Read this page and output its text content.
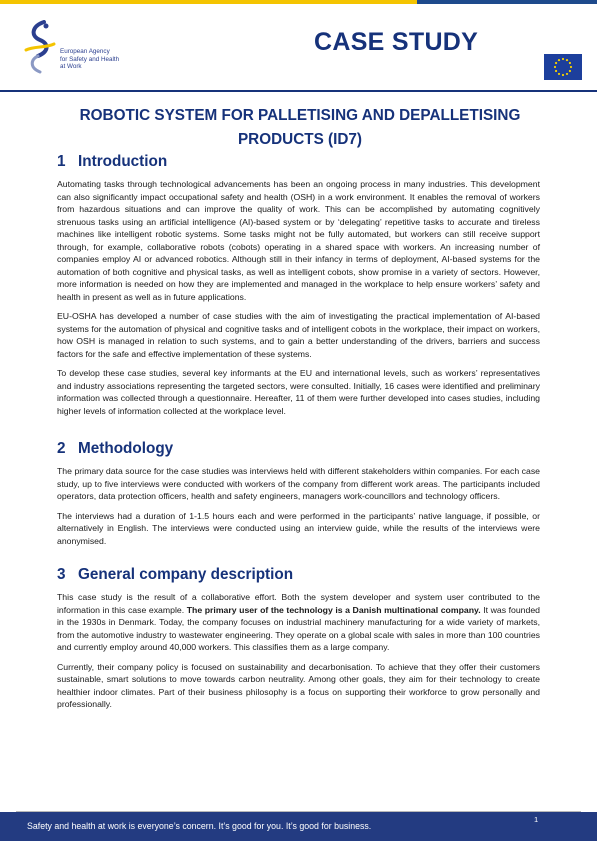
European Agency
for Safety and Health
at Work
CASE STUDY
ROBOTIC SYSTEM FOR PALLETISING AND DEPALLETISING
PRODUCTS (ID7)
1 Introduction

Automating tasks through technological advancements has been an ongoing process in many industries. This development can also significantly impact occupational safety and health (OSH) in a work environment. It enables the removal of workers from hazardous situations and can improve the quality of work. This can be accomplished by automating cognitively strenuous tasks using an artificial intelligence (AI)-based system or by ‘delegating’ repetitive tasks to accurate and tireless machines like intelligent robotic systems. Some tasks might not be fully automated, but workers can still receive support through, for example, collaborative robots (cobots) operating in a shared space with workers. An increasing number of companies employ AI or advanced robotics. Although still in their infancy in terms of deployment, AI-based systems for the automation of both cognitive and physical tasks, as well as intelligent cobots, show promise in a variety of sectors. However, more information is needed on how they are implemented and managed in the workplace to help ensure workers’ safety and health in present as well as in future applications.

EU-OSHA has developed a number of case studies with the aim of investigating the practical implementation of AI-based systems for the automation of physical and cognitive tasks and of intelligent cobots in the workplace, their impact on workers, how OSH is managed in relation to such systems, and to gain a better understanding of the drivers, barriers and success factors for the safe and effective implementation of these systems.

To develop these case studies, several key informants at the EU and international levels, such as workers’ representatives and industry associations representing the targeted sectors, were consulted. Initially, 16 cases were identified and preliminary information was collected through a questionnaire. Hereafter, 11 of them were further developed into cases studies, including higher levels of information collected at the workplace level.

2 Methodology

The primary data source for the case studies was interviews held with different stakeholders within companies. For each case study, up to five interviews were conducted with workers of the company from different work areas. The participants included operators, data protection officers, health and safety engineers, managers work-councillors and technology officers.

The interviews had a duration of 1-1.5 hours each and were performed in the participants’ native language, if possible, or alternatively in English. The interviews were conducted using an interview guide, while the results of the interviews were anonymised.

3 General company description

This case study is the result of a collaborative effort. Both the system developer and system user contributed to the information in this case example. The primary user of the technology is a Danish multinational company. It was founded in the 1930s in Denmark. Today, the company focuses on industrial machinery manufacturing for a wide variety of markets, from the automotive industry to wastewater engineering. They operate on a global scale with sales in more than 100 countries and currently employ around 40,000 workers. This classifies them as a large company.

Currently, their company policy is focused on sustainability and decarbonisation. To achieve that they offer their customers sustainable, smart solutions to move towards carbon neutrality. Among other goals, they aim for their technology to create healthier indoor climates. Part of their business philosophy is a focus on supporting their workforce to grow personally and professionally.

Safety and health at work is everyone’s concern. It’s good for you. It’s good for business.
1
